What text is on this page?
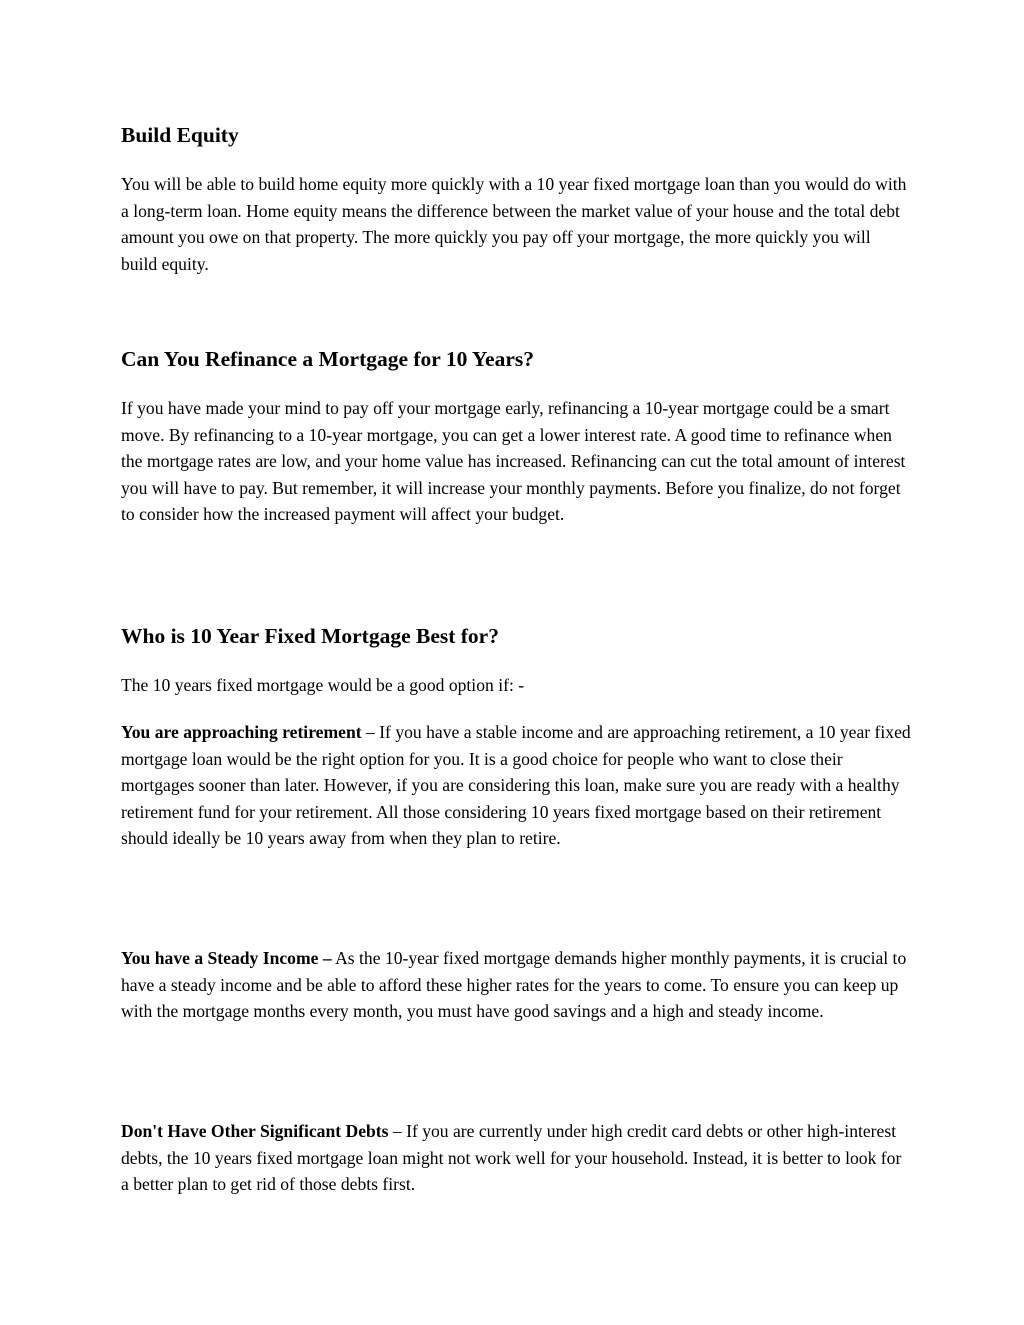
Build Equity

You will be able to build home equity more quickly with a 10 year fixed mortgage loan than you would do with a long-term loan. Home equity means the difference between the market value of your house and the total debt amount you owe on that property. The more quickly you pay off your mortgage, the more quickly you will build equity.

Can You Refinance a Mortgage for 10 Years?

If you have made your mind to pay off your mortgage early, refinancing a 10-year mortgage could be a smart move. By refinancing to a 10-year mortgage, you can get a lower interest rate. A good time to refinance when the mortgage rates are low, and your home value has increased. Refinancing can cut the total amount of interest you will have to pay. But remember, it will increase your monthly payments. Before you finalize, do not forget to consider how the increased payment will affect your budget.

Who is 10 Year Fixed Mortgage Best for?

The 10 years fixed mortgage would be a good option if: -

You are approaching retirement – If you have a stable income and are approaching retirement, a 10 year fixed mortgage loan would be the right option for you. It is a good choice for people who want to close their mortgages sooner than later. However, if you are considering this loan, make sure you are ready with a healthy retirement fund for your retirement. All those considering 10 years fixed mortgage based on their retirement should ideally be 10 years away from when they plan to retire.

You have a Steady Income – As the 10-year fixed mortgage demands higher monthly payments, it is crucial to have a steady income and be able to afford these higher rates for the years to come. To ensure you can keep up with the mortgage months every month, you must have good savings and a high and steady income.

Don't Have Other Significant Debts – If you are currently under high credit card debts or other high-interest debts, the 10 years fixed mortgage loan might not work well for your household. Instead, it is better to look for a better plan to get rid of those debts first.
